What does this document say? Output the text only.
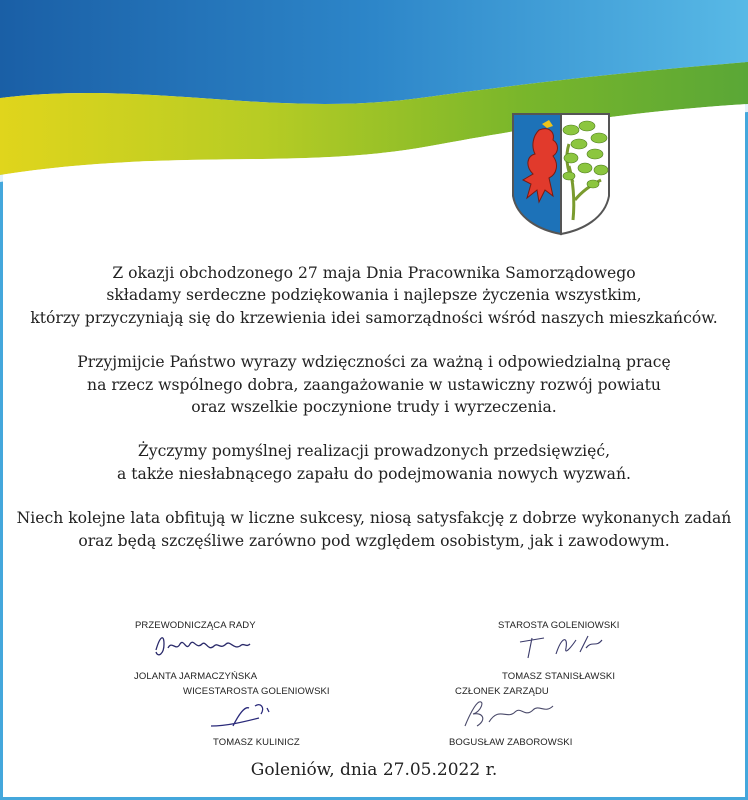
Z okazji obchodzonego 27 maja Dnia Pracownika Samorządowego
składamy serdeczne podziękowania i najlepsze życzenia wszystkim,
którzy przyczyniają się do krzewienia idei samorządności wśród naszych mieszkańców.

Przyjmijcie Państwo wyrazy wdzięczności za ważną i odpowiedzialną pracę
na rzecz wspólnego dobra, zaangażowanie w ustawiczny rozwój powiatu
oraz wszelkie poczynione trudy i wyrzeczenia.

Życzymy pomyślnej realizacji prowadzonych przedsięwzięć,
a także niesłabnącego zapału do podejmowania nowych wyzwań.

Niech kolejne lata obfitują w liczne sukcesy, niosą satysfakcję z dobrze wykonanych zadań
oraz będą szczęśliwe zarówno pod względem osobistym, jak i zawodowym.

PRZEWODNICZĄCA RADY
JOLANTA JARMACZYŃSKA
STAROSTA GOLENIOWSKI
TOMASZ STANISŁAWSKI
WICESTAROSTA GOLENIOWSKI
TOMASZ KULINICZ
CZŁONEK ZARZĄDU
BOGUSŁAW ZABOROWSKI
Goleniów, dnia 27.05.2022 r.
